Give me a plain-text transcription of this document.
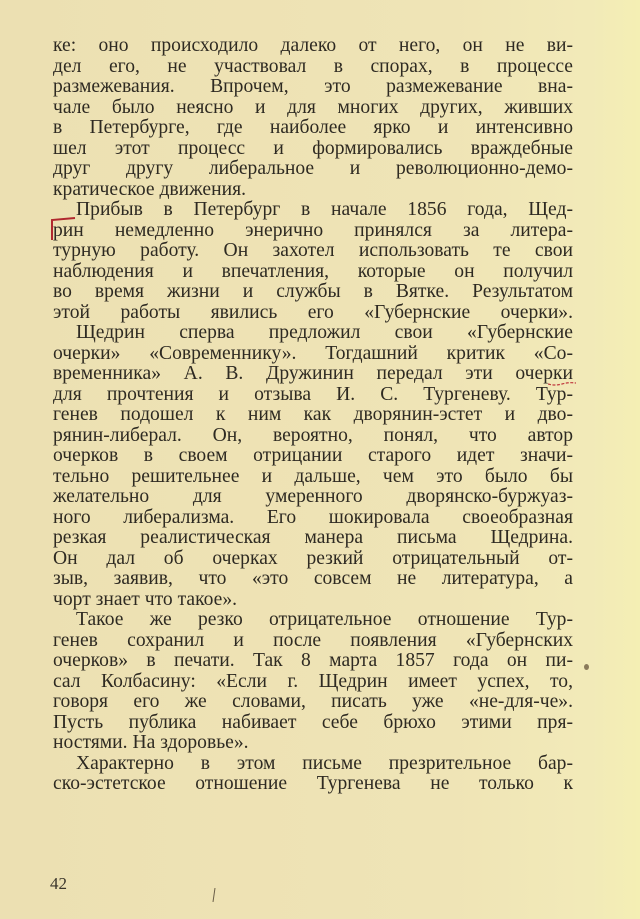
ке: оно происходило далеко от него, он не ви-
дел его, не участвовал в спорах, в процессе
размежевания. Впрочем, это размежевание вна-
чале было неясно и для многих других, живших
в Петербурге, где наиболее ярко и интенсивно
шел этот процесс и формировались враждебные
друг другу либеральное и революционно-демо-
кратическое движения.
Прибыв в Петербург в начале 1856 года, Щед-
рин немедленно энерично принялся за литера-
турную работу. Он захотел использовать те свои
наблюдения и впечатления, которые он получил
во время жизни и службы в Вятке. Результатом
этой работы явились его «Губернские очерки».
Щедрин сперва предложил свои «Губернские
очерки» «Современнику». Тогдашний критик «Со-
временника» А. В. Дружинин передал эти очерки
для прочтения и отзыва И. С. Тургеневу. Тур-
генев подошел к ним как дворянин-эстет и дво-
рянин-либерал. Он, вероятно, понял, что автор
очерков в своем отрицании старого идет значи-
тельно решительнее и дальше, чем это было бы
желательно для умеренного дворянско-буржуаз-
ного либерализма. Его шокировала своеобразная
резкая реалистическая манера письма Щедрина.
Он дал об очерках резкий отрицательный от-
зыв, заявив, что «это совсем не литература, а
чорт знает что такое».
Такое же резко отрицательное отношение Тур-
генев сохранил и после появления «Губернских
очерков» в печати. Так 8 марта 1857 года он пи-
сал Колбасину: «Если г. Щедрин имеет успех, то,
говоря его же словами, писать уже «не-для-че».
Пусть публика набивает себе брюхо этими пря-
ностями. На здоровье».
Характерно в этом письме презрительное бар-
ско-эстетское отношение Тургенева не только к
42
